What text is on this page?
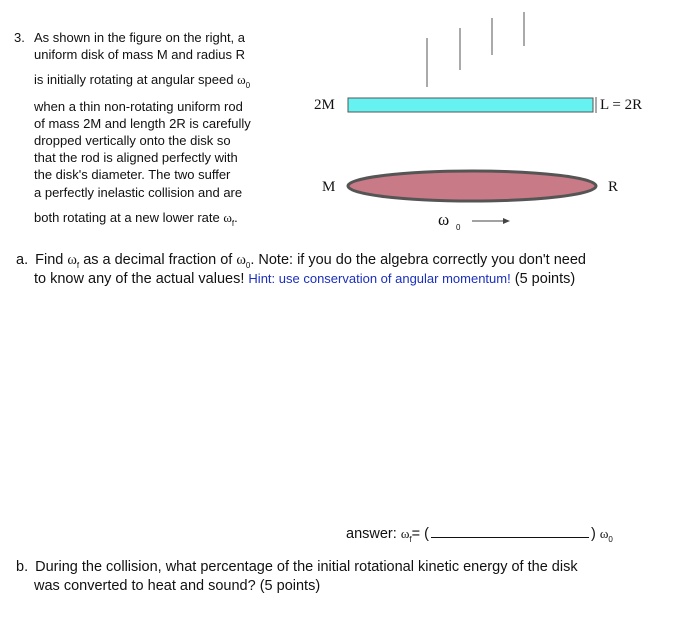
3. As shown in the figure on the right, a
uniform disk of mass M and radius R
is initially rotating at angular speed $\omega_0$
when a thin non-rotating uniform rod
of mass 2M and length 2R is carefully
dropped vertically onto the disk so
that the rod is aligned perfectly with
the disk's diameter. The two suffer
a perfectly inelastic collision and are
both rotating at a new lower rate $\omega_f$.
2M	L = 2R
M	R
ω 0
a. Find $\omega_f$ as a decimal fraction of $\omega_0$. Note: if you do the algebra correctly you don't need
to know any of the actual values! Hint: use conservation of angular momentum! (5 points)
answer: $\omega_f=$ (	) $\omega_0$
b. During the collision, what percentage of the initial rotational kinetic energy of the disk
was converted to heat and sound? (5 points)
